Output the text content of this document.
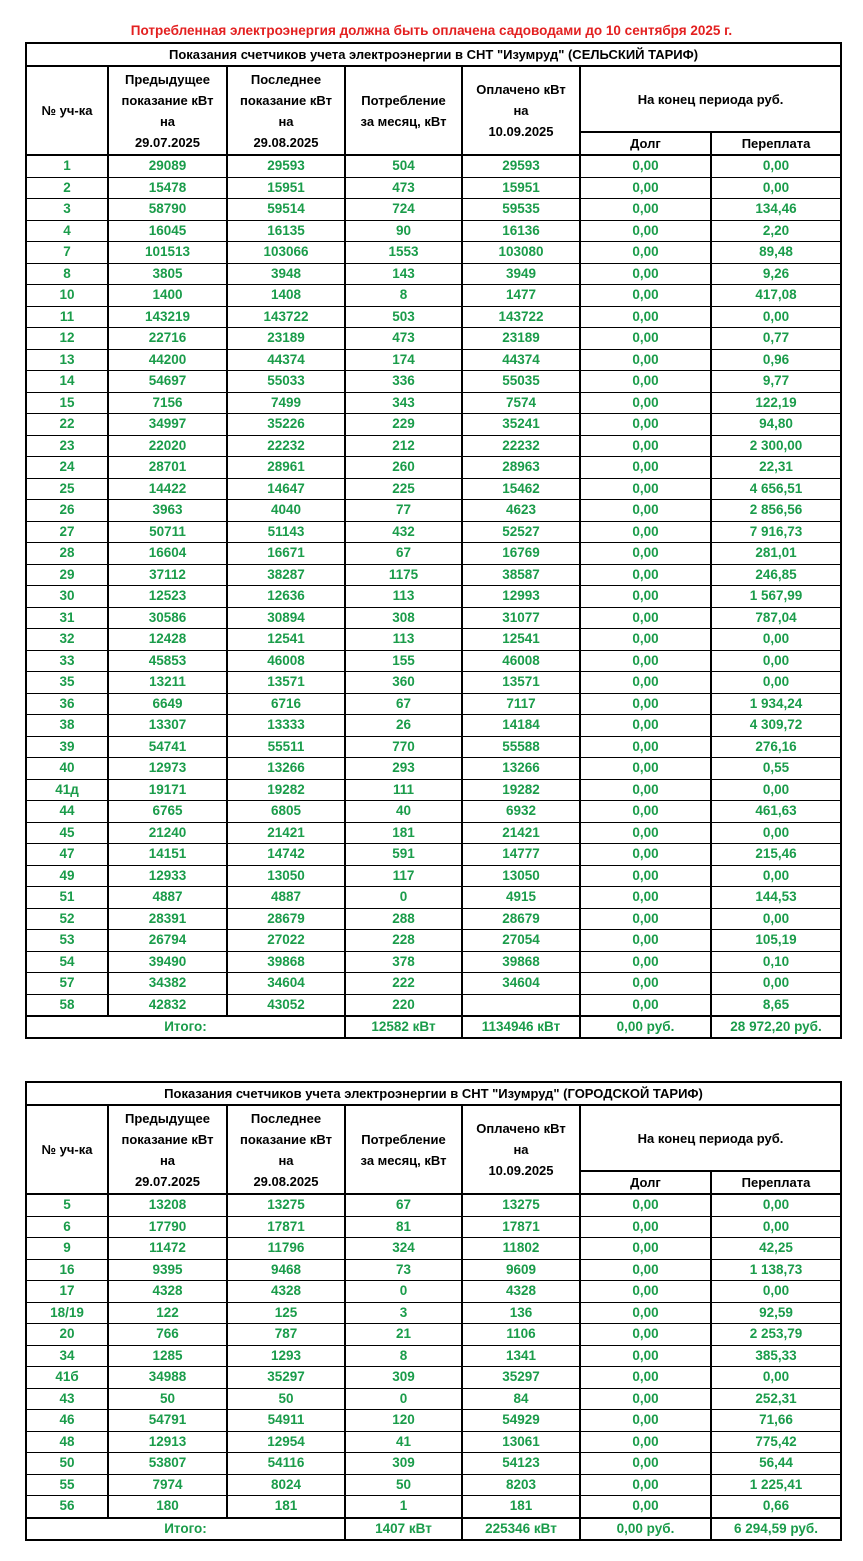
Потребленная электроэнергия должна быть оплачена садоводами до 10 сентября 2025 г.
Показания счетчиков учета электроэнергии в СНТ "Изумруд" (СЕЛЬСКИЙ ТАРИФ)						
№ уч-ка	Предыдущее
показание кВт
на
29.07.2025	Последнее
показание кВт
на
29.08.2025	Потребление
за месяц, кВт	Оплачено кВт
на
10.09.2025	На конец периода руб.	
					Долг	Переплата
1	29089	29593	504	29593	0,00	0,00
2	15478	15951	473	15951	0,00	0,00
3	58790	59514	724	59535	0,00	134,46
4	16045	16135	90	16136	0,00	2,20
7	101513	103066	1553	103080	0,00	89,48
8	3805	3948	143	3949	0,00	9,26
10	1400	1408	8	1477	0,00	417,08
11	143219	143722	503	143722	0,00	0,00
12	22716	23189	473	23189	0,00	0,77
13	44200	44374	174	44374	0,00	0,96
14	54697	55033	336	55035	0,00	9,77
15	7156	7499	343	7574	0,00	122,19
22	34997	35226	229	35241	0,00	94,80
23	22020	22232	212	22232	0,00	2 300,00
24	28701	28961	260	28963	0,00	22,31
25	14422	14647	225	15462	0,00	4 656,51
26	3963	4040	77	4623	0,00	2 856,56
27	50711	51143	432	52527	0,00	7 916,73
28	16604	16671	67	16769	0,00	281,01
29	37112	38287	1175	38587	0,00	246,85
30	12523	12636	113	12993	0,00	1 567,99
31	30586	30894	308	31077	0,00	787,04
32	12428	12541	113	12541	0,00	0,00
33	45853	46008	155	46008	0,00	0,00
35	13211	13571	360	13571	0,00	0,00
36	6649	6716	67	7117	0,00	1 934,24
38	13307	13333	26	14184	0,00	4 309,72
39	54741	55511	770	55588	0,00	276,16
40	12973	13266	293	13266	0,00	0,55
41д	19171	19282	111	19282	0,00	0,00
44	6765	6805	40	6932	0,00	461,63
45	21240	21421	181	21421	0,00	0,00
47	14151	14742	591	14777	0,00	215,46
49	12933	13050	117	13050	0,00	0,00
51	4887	4887	0	4915	0,00	144,53
52	28391	28679	288	28679	0,00	0,00
53	26794	27022	228	27054	0,00	105,19
54	39490	39868	378	39868	0,00	0,10
57	34382	34604	222	34604	0,00	0,00
58	42832	43052	220		0,00	8,65
Итого:			12582 кВт	1134946 кВт	0,00 руб.	28 972,20 руб.
Показания счетчиков учета электроэнергии в СНТ "Изумруд" (ГОРОДСКОЙ ТАРИФ)						
№ уч-ка	Предыдущее
показание кВт
на
29.07.2025	Последнее
показание кВт
на
29.08.2025	Потребление
за месяц, кВт	Оплачено кВт
на
10.09.2025	На конец периода руб.	
					Долг	Переплата
5	13208	13275	67	13275	0,00	0,00
6	17790	17871	81	17871	0,00	0,00
9	11472	11796	324	11802	0,00	42,25
16	9395	9468	73	9609	0,00	1 138,73
17	4328	4328	0	4328	0,00	0,00
18/19	122	125	3	136	0,00	92,59
20	766	787	21	1106	0,00	2 253,79
34	1285	1293	8	1341	0,00	385,33
41б	34988	35297	309	35297	0,00	0,00
43	50	50	0	84	0,00	252,31
46	54791	54911	120	54929	0,00	71,66
48	12913	12954	41	13061	0,00	775,42
50	53807	54116	309	54123	0,00	56,44
55	7974	8024	50	8203	0,00	1 225,41
56	180	181	1	181	0,00	0,66
Итого:			1407 кВт	225346 кВт	0,00 руб.	6 294,59 руб.
